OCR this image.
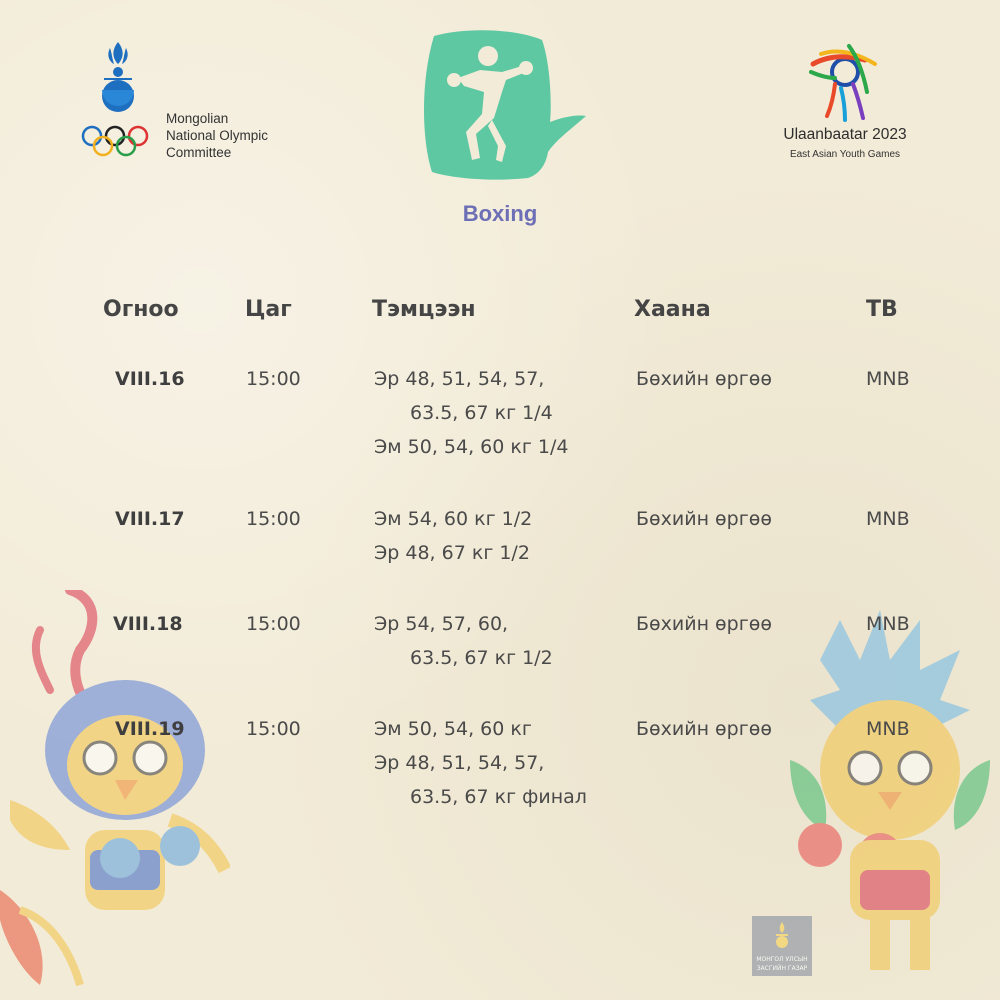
Mongolian
National Olympic
Committee
Boxing
Ulaanbaatar 2023
East Asian Youth Games
Огноо	Цаг	Тэмцээн	Хаана	ТВ
VIII.16	15:00	Эр 48, 51, 54, 57,
63.5, 67 кг 1/4
Эм 50, 54, 60 кг 1/4
Бөхийн өргөө	MNB
VIII.17	15:00	Эм 54, 60 кг 1/2
Эр 48, 67 кг 1/2
Бөхийн өргөө	MNB
VIII.18	15:00	Эр 54, 57, 60,
63.5, 67 кг 1/2
Бөхийн өргөө	MNB
VIII.19	15:00	Эм 50, 54, 60 кг
Эр 48, 51, 54, 57,
63.5, 67 кг финал
Бөхийн өргөө	MNB
МОНГОЛ УЛСЫН
ЗАСГИЙН ГАЗАР
